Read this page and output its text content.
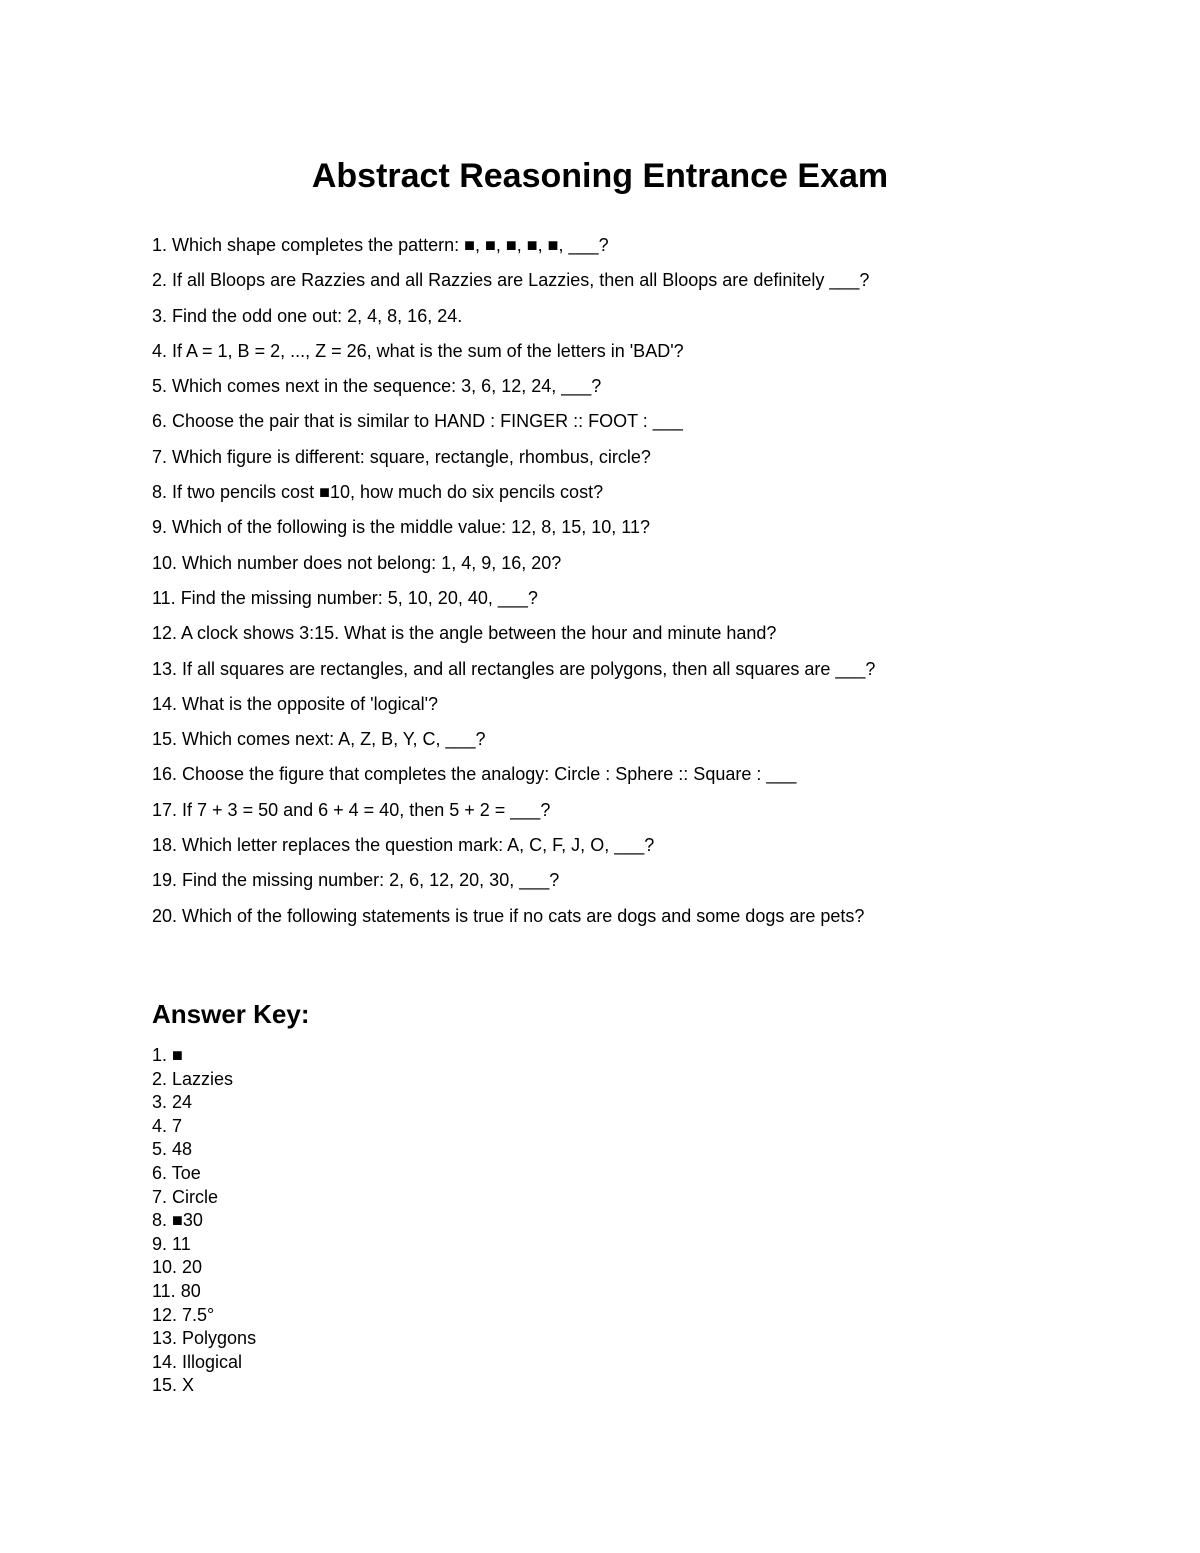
Abstract Reasoning Entrance Exam
1. Which shape completes the pattern: ■, ■, ■, ■, ■, ___?
2. If all Bloops are Razzies and all Razzies are Lazzies, then all Bloops are definitely ___?
3. Find the odd one out: 2, 4, 8, 16, 24.
4. If A = 1, B = 2, ..., Z = 26, what is the sum of the letters in 'BAD'?
5. Which comes next in the sequence: 3, 6, 12, 24, ___?
6. Choose the pair that is similar to HAND : FINGER :: FOOT : ___
7. Which figure is different: square, rectangle, rhombus, circle?
8. If two pencils cost ■10, how much do six pencils cost?
9. Which of the following is the middle value: 12, 8, 15, 10, 11?
10. Which number does not belong: 1, 4, 9, 16, 20?
11. Find the missing number: 5, 10, 20, 40, ___?
12. A clock shows 3:15. What is the angle between the hour and minute hand?
13. If all squares are rectangles, and all rectangles are polygons, then all squares are ___?
14. What is the opposite of 'logical'?
15. Which comes next: A, Z, B, Y, C, ___?
16. Choose the figure that completes the analogy: Circle : Sphere :: Square : ___
17. If 7 + 3 = 50 and 6 + 4 = 40, then 5 + 2 = ___?
18. Which letter replaces the question mark: A, C, F, J, O, ___?
19. Find the missing number: 2, 6, 12, 20, 30, ___?
20. Which of the following statements is true if no cats are dogs and some dogs are pets?
Answer Key:
1. ■
2. Lazzies
3. 24
4. 7
5. 48
6. Toe
7. Circle
8. ■30
9. 11
10. 20
11. 80
12. 7.5°
13. Polygons
14. Illogical
15. X
